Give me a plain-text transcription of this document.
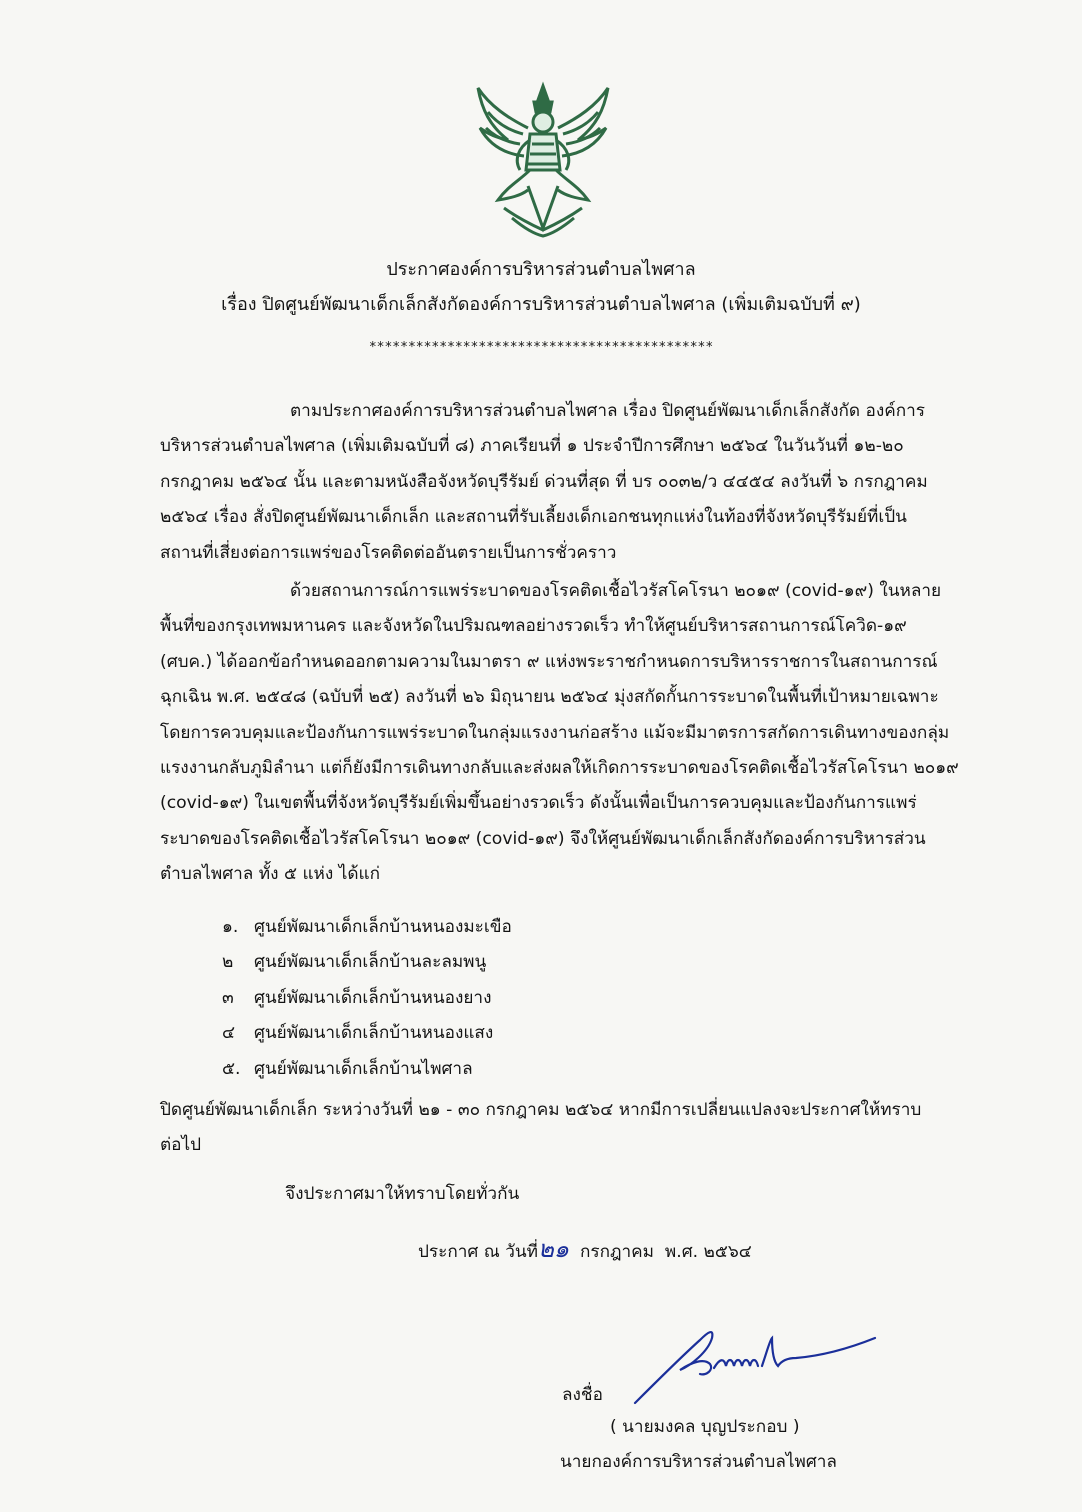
ประกาศองค์การบริหารส่วนตำบลไพศาล
เรื่อง ปิดศูนย์พัฒนาเด็กเล็กสังกัดองค์การบริหารส่วนตำบลไพศาล (เพิ่มเติมฉบับที่ ๙)
********************************************
ตามประกาศองค์การบริหารส่วนตำบลไพศาล เรื่อง ปิดศูนย์พัฒนาเด็กเล็กสังกัด องค์การ
บริหารส่วนตำบลไพศาล (เพิ่มเติมฉบับที่ ๘) ภาคเรียนที่ ๑ ประจำปีการศึกษา ๒๕๖๔ ในวันวันที่ ๑๒-๒๐
กรกฎาคม ๒๕๖๔ นั้น และตามหนังสือจังหวัดบุรีรัมย์ ด่วนที่สุด ที่ บร ๐๐๓๒/ว ๔๔๕๔ ลงวันที่ ๖ กรกฎาคม
๒๕๖๔ เรื่อง สั่งปิดศูนย์พัฒนาเด็กเล็ก และสถานที่รับเลี้ยงเด็กเอกชนทุกแห่งในท้องที่จังหวัดบุรีรัมย์ที่เป็น
สถานที่เสี่ยงต่อการแพร่ของโรคติดต่ออันตรายเป็นการชั่วคราว
ด้วยสถานการณ์การแพร่ระบาดของโรคติดเชื้อไวรัสโคโรนา ๒๐๑๙ (covid-๑๙) ในหลาย
พื้นที่ของกรุงเทพมหานคร และจังหวัดในปริมณฑลอย่างรวดเร็ว ทำให้ศูนย์บริหารสถานการณ์โควิด-๑๙
(ศบค.) ได้ออกข้อกำหนดออกตามความในมาตรา ๙ แห่งพระราชกำหนดการบริหารราชการในสถานการณ์
ฉุกเฉิน พ.ศ. ๒๕๔๘ (ฉบับที่ ๒๕) ลงวันที่ ๒๖ มิถุนายน ๒๕๖๔ มุ่งสกัดกั้นการระบาดในพื้นที่เป้าหมายเฉพาะ
โดยการควบคุมและป้องกันการแพร่ระบาดในกลุ่มแรงงานก่อสร้าง แม้จะมีมาตรการสกัดการเดินทางของกลุ่ม
แรงงานกลับภูมิลำนา แต่ก็ยังมีการเดินทางกลับและส่งผลให้เกิดการระบาดของโรคติดเชื้อไวรัสโคโรนา ๒๐๑๙
(covid-๑๙) ในเขตพื้นที่จังหวัดบุรีรัมย์เพิ่มขึ้นอย่างรวดเร็ว ดังนั้นเพื่อเป็นการควบคุมและป้องกันการแพร่
ระบาดของโรคติดเชื้อไวรัสโคโรนา ๒๐๑๙ (covid-๑๙) จึงให้ศูนย์พัฒนาเด็กเล็กสังกัดองค์การบริหารส่วน
ตำบลไพศาล ทั้ง ๕ แห่ง ได้แก่
๑. ศูนย์พัฒนาเด็กเล็กบ้านหนองมะเขือ
๒ ศูนย์พัฒนาเด็กเล็กบ้านละลมพนู
๓ ศูนย์พัฒนาเด็กเล็กบ้านหนองยาง
๔ ศูนย์พัฒนาเด็กเล็กบ้านหนองแสง
๕. ศูนย์พัฒนาเด็กเล็กบ้านไพศาล
ปิดศูนย์พัฒนาเด็กเล็ก ระหว่างวันที่ ๒๑ - ๓๐ กรกฎาคม ๒๕๖๔ หากมีการเปลี่ยนแปลงจะประกาศให้ทราบ
ต่อไป
จึงประกาศมาให้ทราบโดยทั่วกัน
ประกาศ ณ วันที่๒๑  กรกฎาคม  พ.ศ. ๒๕๖๔
ลงชื่อ
( นายมงคล บุญประกอบ )
นายกองค์การบริหารส่วนตำบลไพศาล
